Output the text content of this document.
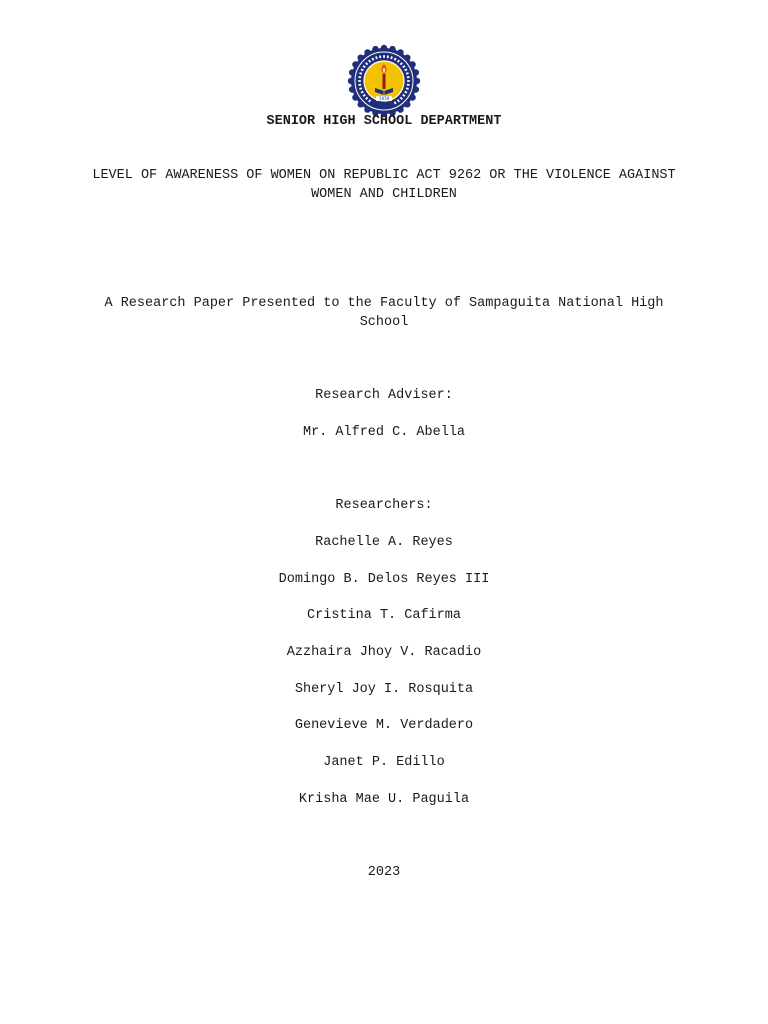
1978
SENIOR HIGH SCHOOL DEPARTMENT
LEVEL OF AWARENESS OF WOMEN ON REPUBLIC ACT 9262 OR THE VIOLENCE AGAINST WOMEN AND CHILDREN
A Research Paper Presented to the Faculty of Sampaguita National High School
Research Adviser:
Mr. Alfred C. Abella
Researchers:
Rachelle A. Reyes
Domingo B. Delos Reyes III
Cristina T. Cafirma
Azzhaira Jhoy V. Racadio
Sheryl Joy I. Rosquita
Genevieve M. Verdadero
Janet P. Edillo
Krisha Mae U. Paguila
2023
